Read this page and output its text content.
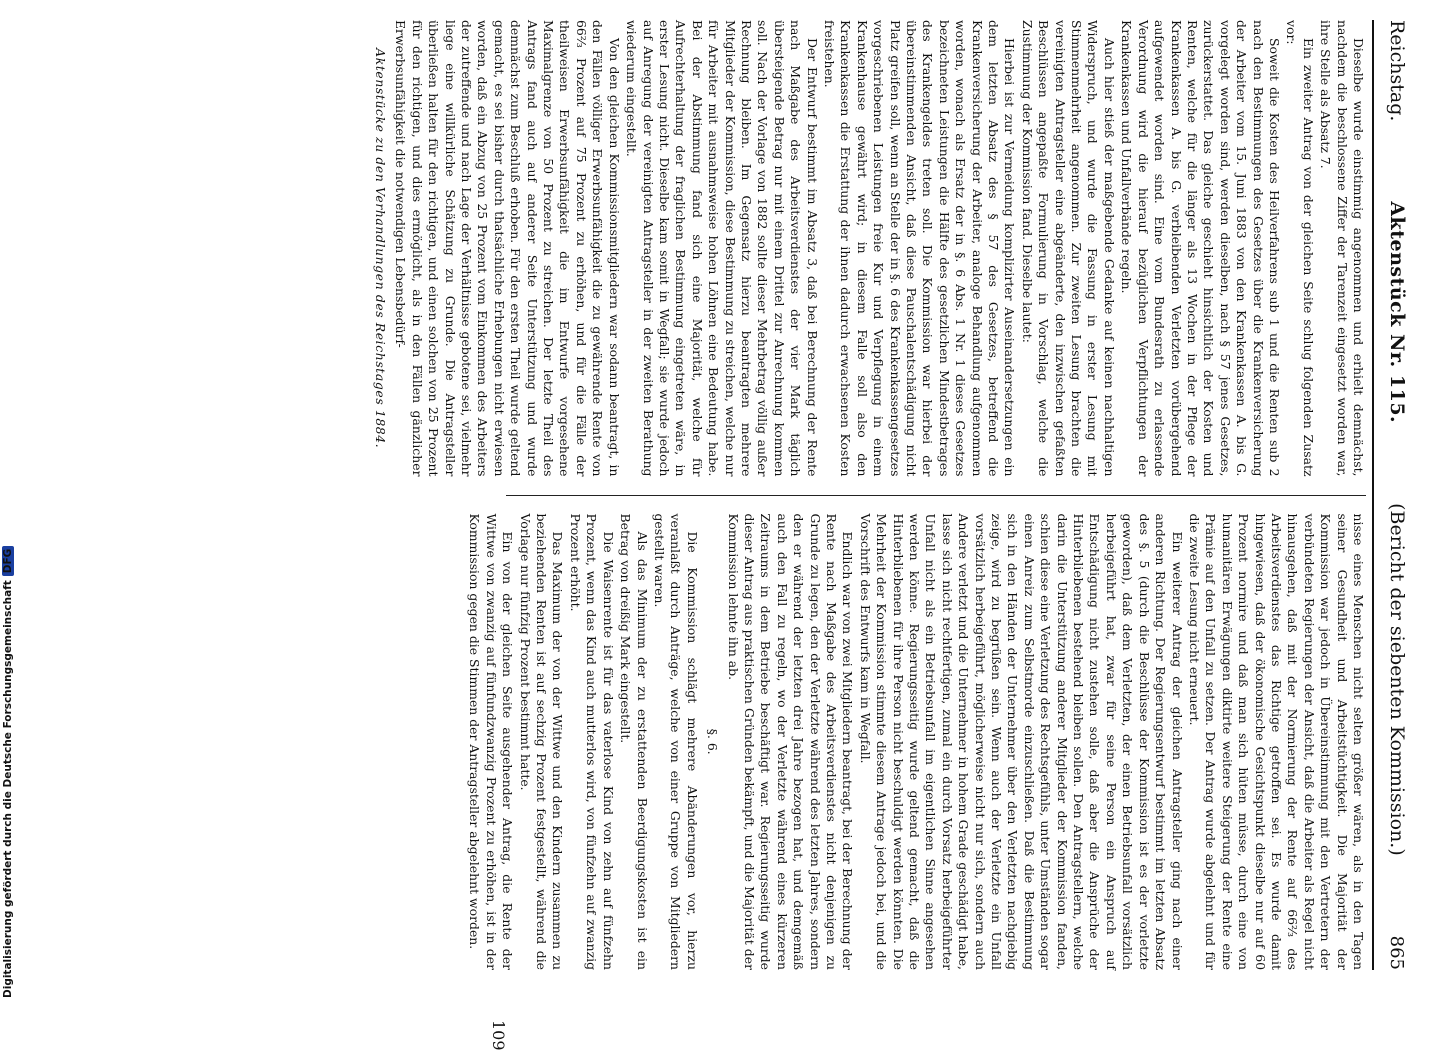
Reichstag.
Aktenstück Nr. 115.
(Bericht der siebenten Kommission.)
865

Dieselbe wurde einstimmig angenommen und erhielt demnächst, nachdem die beschlossene Ziffer der Tarenzeit eingesetzt worden war, ihre Stelle als Absatz 7.

Ein zweiter Antrag von der gleichen Seite schlug folgenden Zusatz vor:

Soweit die Kosten des Heilverfahrens sub 1 und die Renten sub 2 nach den Bestimmungen des Gesetzes über die Krankenversicherung der Arbeiter vom 15. Juni 1883 von den Krankenkassen A. bis G. vorgelegt worden sind, werden dieselben, nach § 57 jenes Gesetzes, zurückerstattet. Das gleiche geschieht hinsichtlich der Kosten und Renten, welche für die länger als 13 Wochen in der Pflege der Krankenkassen A. bis G. verbleibenden Verletzten vorübergehend aufgewendet worden sind. Eine vom Bundesrath zu erlassende Verordnung wird die hierauf bezüglichen Verpflichtungen der Krankenkassen und Unfallverbände regeln.

Auch hier stieß der maßgebende Gedanke auf keinen nachhaltigen Widerspruch, und wurde die Fassung in erster Lesung mit Stimmenmehrheit angenommen. Zur zweiten Lesung brachten die vereinigten Antragsteller eine abgeänderte, den inzwischen gefaßten Beschlüssen angepaßte Formulierung in Vorschlag, welche die Zustimmung der Kommission fand. Dieselbe lautet:

Hierbei ist zur Vermeidung komplizirter Auseinandersetzungen ein dem letzten Absatz des § 57 des Gesetzes, betreffend die Krankenversicherung der Arbeiter, analoge Behandlung aufgenommen worden, wonach als Ersatz der in §. 6 Abs. 1 Nr. 1 dieses Gesetzes bezeichneten Leistungen die Hälfte des gesetzlichen Mindestbetrages des Krankengeldes treten soll. Die Kommission war hierbei der übereinstimmenden Ansicht, daß diese Pauschalentschädigung nicht Platz greifen soll, wenn an Stelle der in §. 6 des Krankenkassengesetzes vorgeschriebenen Leistungen freie Kur und Verpflegung in einem Krankenhause gewährt wird; in diesem Falle soll also den Krankenkassen die Erstattung der ihnen dadurch erwachsenen Kosten freistehen.

Der Entwurf bestimmt im Absatz 3, daß bei Berechnung der Rente nach Maßgabe des Arbeitsverdienstes der vier Mark täglich übersteigende Betrag nur mit einem Drittel zur Anrechnung kommen soll. Nach der Vorlage von 1882 sollte dieser Mehrbetrag völlig außer Rechnung bleiben. Im Gegensatz hierzu beantragten mehrere Mitglieder der Kommission, diese Bestimmung zu streichen, welche nur für Arbeiter mit ausnahmsweise hohen Löhnen eine Bedeutung habe. Bei der Abstimmung fand sich eine Majorität, welche für Aufrechterhaltung der fraglichen Bestimmung eingetreten wäre, in erster Lesung nicht. Dieselbe kam somit in Wegfall; sie wurde jedoch auf Anregung der vereinigten Antragsteller in der zweiten Berathung wiederum eingestellt.

Von den gleichen Kommissionsmitgliedern war sodann beantragt, in den Fällen völliger Erwerbsunfähigkeit die zu gewährende Rente von 66⅔ Prozent auf 75 Prozent zu erhöhen, und für die Fälle der theilweisen Erwerbsunfähigkeit die im Entwurfe vorgesehene Maximalgrenze von 50 Prozent zu streichen. Der letzte Theil des Antrags fand auch auf anderer Seite Unterstützung und wurde demnächst zum Beschluß erhoben. Für den ersten Theil wurde geltend gemacht, es sei bisher durch thatsächliche Erhebungen nicht erwiesen worden, daß ein Abzug von 25 Prozent vom Einkommen des Arbeiters der zutreffende und nach Lage der Verhältnisse gebotene sei, vielmehr liege eine willkürliche Schätzung zu Grunde. Die Antragsteller überließen halten für den richtigen, und einen solchen von 25 Prozent für den richtigen, und dies ermöglicht, als in den Fällen gänzlicher Erwerbsunfähigkeit die notwendigen Lebensbedürf-

Aktenstücke zu den Verhandlungen des Reichstages 1884.

nisse eines Menschen nicht selten größer wären, als in den Tagen seiner Gesundheit und Arbeitstüchtigkeit. Die Majorität der Kommission war jedoch in Übereinstimmung mit den Vertretern der verbündeten Regierungen der Ansicht, daß die Arbeiter als Regel nicht hinausgehen, daß mit der Normierung der Rente auf 66⅔ des Arbeitsverdienstes das Richtige getroffen sei. Es wurde damit hingewiesen, daß der ökonomische Gesichtspunkt dieselbe nur auf 60 Prozent normire und daß man sich hüten müsse, durch eine von humanitären Erwägungen diktirte weitere Steigerung der Rente eine Prämie auf den Unfall zu setzen. Der Antrag wurde abgelehnt und für die zweite Lesung nicht erneuert.

Ein weiterer Antrag der gleichen Antragsteller ging nach einer anderen Richtung. Der Regierungsentwurf bestimmt im letzten Absatz des §. 5 (durch die Beschlüsse der Kommission ist es der vorletzte geworden), daß dem Verletzten, der einen Betriebsunfall vorsätzlich herbeigeführt hat, zwar für seine Person ein Anspruch auf Entschädigung nicht zustehen solle, daß aber die Ansprüche der Hinterbliebenen bestehend bleiben sollen. Den Antragstellern, welche darin die Unterstützung anderer Mitglieder der Kommission fanden, schien diese eine Verletzung des Rechtsgefühls, unter Umständen sogar einen Anreiz zum Selbstmorde einzuschließen. Daß die Bestimmung sich in den Händen der Unternehmer über den Verletzten nachgiebig zeige, wird zu begrüßen sein. Wenn auch der Verletzte ein Unfall vorsätzlich herbeigeführt, möglicherweise nicht nur sich, sondern auch Andere verletzt und die Unternehmer in hohem Grade geschädigt habe, lasse sich nicht rechtfertigen, zumal ein durch Vorsatz herbeigeführter Unfall nicht als ein Betriebsunfall im eigentlichen Sinne angesehen werden könne. Regierungsseitig wurde geltend gemacht, daß die Hinterbliebenen für ihre Person nicht beschuldigt werden könnten. Die Mehrheit der Kommission stimmte diesem Antrage jedoch bei, und die Vorschrift des Entwurfs kam in Wegfall.

Endlich war von zwei Mitgliedern beantragt, bei der Berechnung der Rente nach Maßgabe des Arbeitsverdienstes nicht denjenigen zu Grunde zu legen, den der Verletzte während des letzten Jahres, sondern den er während der letzten drei Jahre bezogen hat, und demgemäß auch den Fall zu regeln, wo der Verletzte während eines kürzeren Zeitraums in dem Betriebe beschäftigt war. Regierungsseitig wurde dieser Antrag aus praktischen Gründen bekämpft, und die Majorität der Kommission lehnte ihn ab.

§. 6.

Die Kommission schlägt mehrere Abänderungen vor, hierzu veranlaßt durch Anträge, welche von einer Gruppe von Mitgliedern gestellt waren.

Als das Minimum der zu erstattenden Beerdigungskosten ist ein Betrag von dreißig Mark eingestellt.

Die Waisenrente ist für das vaterlose Kind von zehn auf fünfzehn Prozent, wenn das Kind auch mutterlos wird, von fünfzehn auf zwanzig Prozent erhöht.

Das Maximum der von der Wittwe und den Kindern zusammen zu beziehenden Renten ist auf sechzig Prozent festgestellt, während die Vorlage nur fünfzig Prozent bestimmt hatte.

Ein von der gleichen Seite ausgehender Antrag, die Rente der Wittwe von zwanzig auf fünfundzwanzig Prozent zu erhöhen, ist in der Kommission gegen die Stimmen der Antragsteller abgelehnt worden.

109
Digitalisierung gefördert durch die Deutsche ForschungsgemeinschaftDFG
